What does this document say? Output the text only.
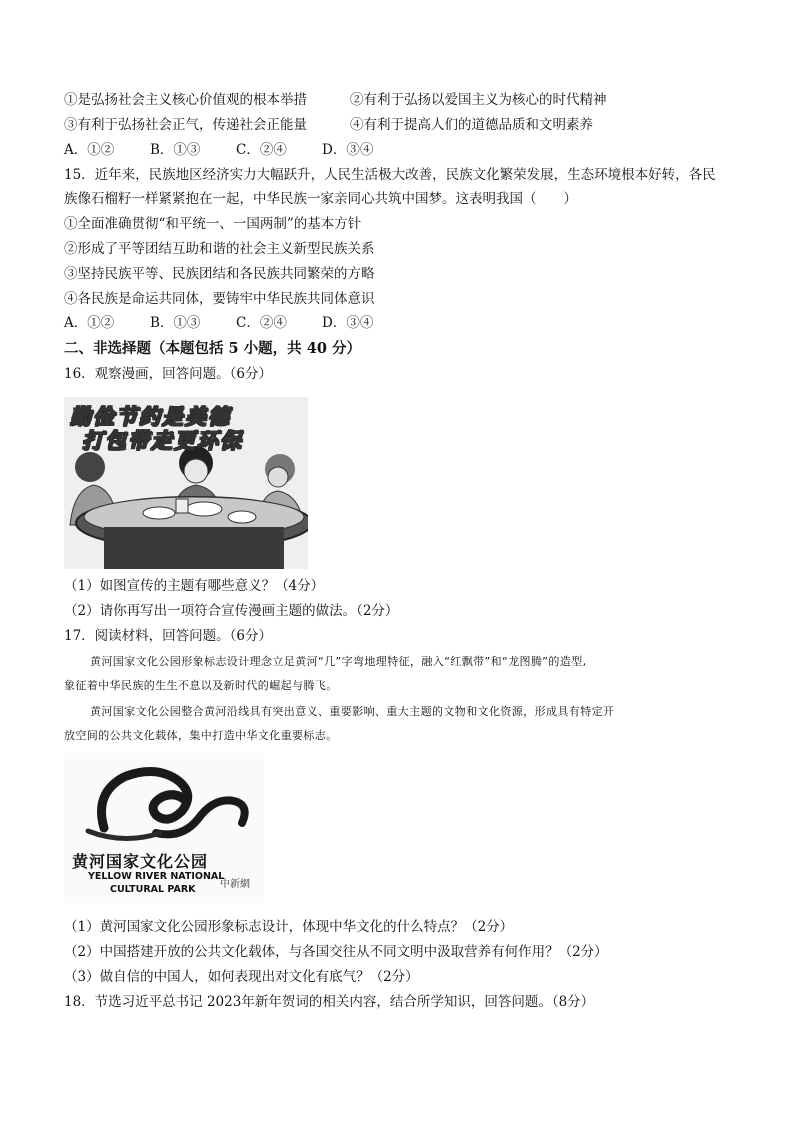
①是弘扬社会主义核心价值观的根本举措	②有利于弘扬以爱国主义为核心的时代精神
③有利于弘扬社会正气，传递社会正能量	④有利于提高人们的道德品质和文明素养
A．①②	B．①③	C．②④	D．③④
15．近年来，民族地区经济实力大幅跃升，人民生活极大改善，民族文化繁荣发展，生态环境根本好转，各民
族像石榴籽一样紧紧抱在一起，中华民族一家亲同心共筑中国梦。这表明我国（　　）
①全面准确贯彻“和平统一、一国两制”的基本方针
②形成了平等团结互助和谐的社会主义新型民族关系
③坚持民族平等、民族团结和各民族共同繁荣的方略
④各民族是命运共同体，要铸牢中华民族共同体意识
A．①②	B．①③	C．②④	D．③④
二、非选择题（本题包括 5 小题，共 40 分）
16．观察漫画，回答问题。（6分）
勤俭节约是美德
打包带走更环保
（1）如图宣传的主题有哪些意义？（4分）
（2）请你再写出一项符合宣传漫画主题的做法。（2分）
17．阅读材料，回答问题。（6分）
黄河国家文化公园形象标志设计理念立足黄河“几”字弯地理特征，融入“红飘带”和“龙图腾”的造型,
象征着中华民族的生生不息以及新时代的崛起与腾飞。
黄河国家文化公园整合黄河沿线具有突出意义、重要影响、重大主题的文物和文化资源，形成具有特定开
放空间的公共文化载体，集中打造中华文化重要标志。
黄河国家文化公园
YELLOW RIVER NATIONAL
CULTURAL PARK 中新網
（1）黄河国家文化公园形象标志设计，体现中华文化的什么特点？（2分）
（2）中国搭建开放的公共文化载体，与各国交往从不同文明中汲取营养有何作用？（2分）
（3）做自信的中国人，如何表现出对文化有底气？（2分）
18．节选习近平总书记 2023年新年贺词的相关内容，结合所学知识，回答问题。（8分）
